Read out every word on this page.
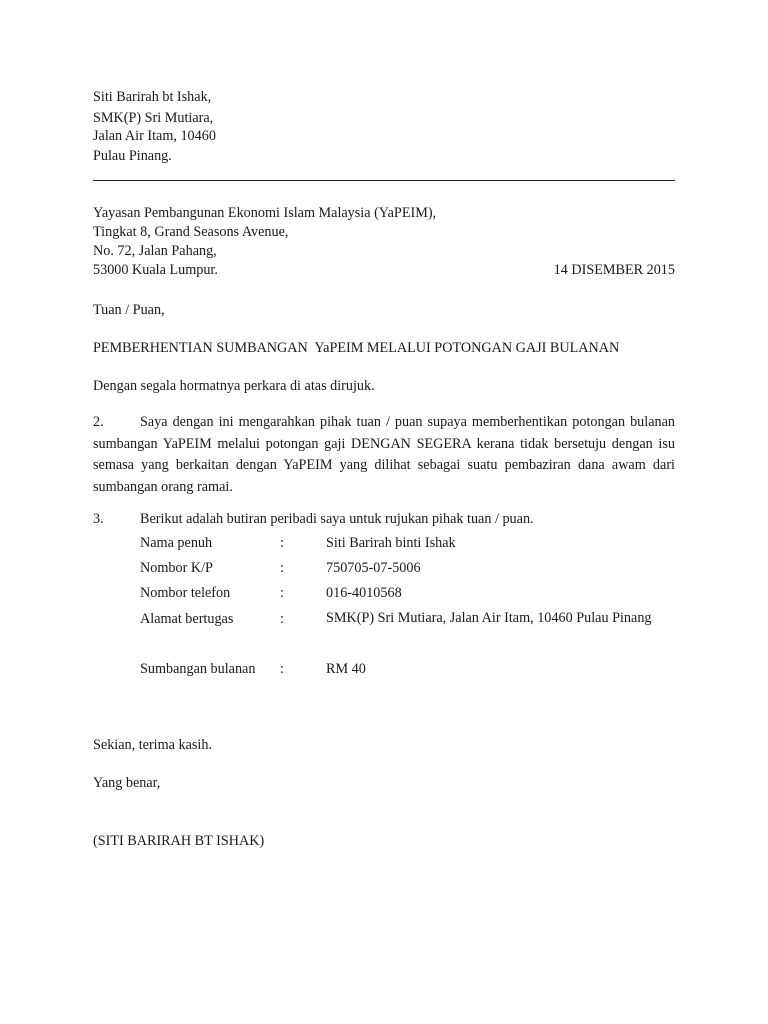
Siti Barirah bt Ishak,
SMK(P) Sri Mutiara,
Jalan Air Itam, 10460
Pulau Pinang.
Yayasan Pembangunan Ekonomi Islam Malaysia (YaPEIM),
Tingkat 8, Grand Seasons Avenue,
No. 72, Jalan Pahang,
53000 Kuala Lumpur.	14 DISEMBER 2015
Tuan / Puan,
PEMBERHENTIAN SUMBANGAN  YaPEIM MELALUI POTONGAN GAJI BULANAN
Dengan segala hormatnya perkara di atas dirujuk.
2.	Saya dengan ini mengarahkan pihak tuan / puan supaya memberhentikan potongan bulanan sumbangan YaPEIM melalui potongan gaji DENGAN SEGERA kerana tidak bersetuju dengan isu semasa yang berkaitan dengan YaPEIM yang dilihat sebagai suatu pembaziran dana awam dari sumbangan orang ramai.
3.	Berikut adalah butiran peribadi saya untuk rujukan pihak tuan / puan.
Nama penuh	:	Siti Barirah binti Ishak
Nombor K/P	:	750705-07-5006
Nombor telefon	:	016-4010568
Alamat bertugas	:	SMK(P) Sri Mutiara, Jalan Air Itam, 10460 Pulau Pinang
Sumbangan bulanan :	RM 40
Sekian, terima kasih.
Yang benar,
(SITI BARIRAH BT ISHAK)
